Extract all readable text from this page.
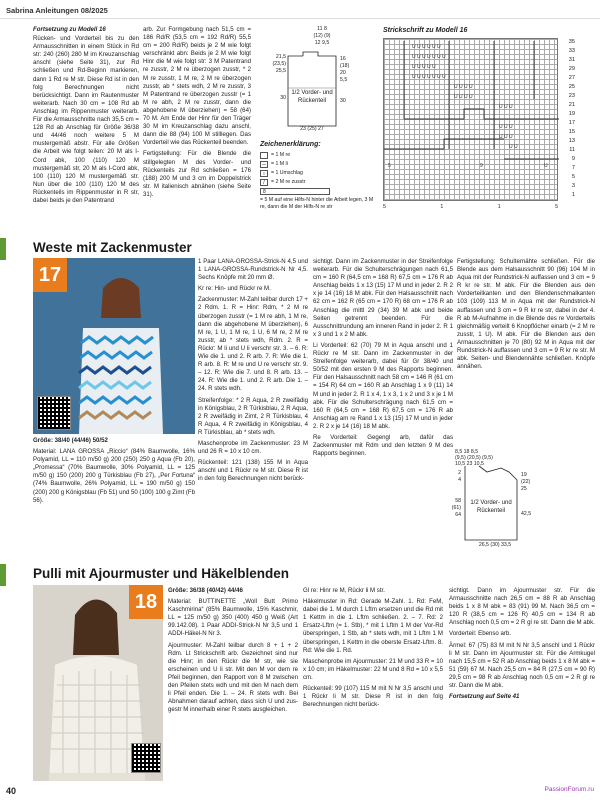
Sabrina Anleitungen 08/2025

Fortsetzung zu Modell 16

Rücken- und Vorderteil bis zu den Armausschnitten in einem Stück in Rd str: 240 (260) 280 M im Kreuzanschlag anschl (siehe Seite 31), zur Rd schließen und Rd-Beginn markieren, dann 1 Rd re M str. Diese Rd ist in den folg Berechnungen nicht berücksichtigt. Dann im Rautenmuster weiterarb. Nach 30 cm = 108 Rd ab Anschlag im Rippenmuster weiterarb. Für die Armausschnitte nach 35,5 cm = 128 Rd ab Anschlag für Größe 36/38 und 44/46 noch weitere 5 M mustergemäß abstr. Für alle Größen die Arbeit wie folgt teilen: 20 M als I-Cord abk, 100 (110) 120 M mustergemäß str, 20 M als I-Cord abk, 100 (110) 120 M mustergemäß str. Nun über die 100 (110) 120 M des Rückenteils im Rippenmuster in R str, dabei beids je den Patentrand

arb. Zur Formgebung nach 51,5 cm = 186 Rd/R (53,5 cm = 192 Rd/R) 55,5 cm = 200 Rd/R) beids je 2 M wie folgt verschränkt abn: Beids je 2 M wie folgt Hinr die M wie folgt str: 3 M Patentrand re zusstr, 2 M re überzogen zusstr, * 2 M re zusstr, 1 M re, 2 M re überzogen zusstr, ab * stets wdh, 2 M re zusstr, 3 M Patentrand re überzogen zusstr (= 1 M re abh, 2 M re zusstr, dann die abgehobene M überziehen) = 58 (64) 70 M. Am Ende der Hinr für den Träger 30 M im Kreuzanschlag dazu anschl, dann die 88 (94) 100 M stilllegen. Das Vorderteil wie das Rückenteil beenden.

Fertigstellung: Für die Blende die stillgelegten M des Vorder- und Rückenteils zur Rd schließen = 176 (188) 200 M und 3 cm im Doppelstrick str. M italienisch abnähen (siehe Seite 31).

11 8
(12) (9)
12 9,5
21,5
(23,5)
25,5
30
16
(18)
20
5,5
30
1/2 Vorder- und Rückenteil
23 (25) 27
Zeichenerklärung:
= 1 M re
–	= 1 M li
○	= 1 Umschlag
/	= 2 M re zusstr
8
= 5 M auf eine Hilfs-N hinter die Arbeit legen, 3 M re, dann die M der Hilfs-N re str
Strickschrift zu Modell 16
U U U U U U
U U U U U U U
U U U U U
U U U U U U U
U U U U
U U U U
U U U
U U U
U U U
U U
5	9	U
35
33
31
29
27
25
23
21
19
17
15
13
11
9
7
5
3
1
5	1	1	5
Weste mit Zackenmuster
17

Größe: 38/40 (44/46) 50/52

Material: LANA GROSSA „Riccio“ (84% Baumwolle, 16% Polyamid, LL = 110 m/50 g) 200 (250) 250 g Aqua (Fb 20), „Promessa“ (70% Baumwolle, 30% Polyamid, LL = 125 m/50 g) 150 (200) 200 g Türkisblau (Fb 27), „Per Fortuna“ (74% Baumwolle, 26% Polyamid, LL = 190 m/50 g) 150 (200) 200 g Königsblau (Fb 51) und 50 (100) 100 g Zimt (Fb 56).

1 Paar LANA-GROSSA-Strick-N 4,5 und 1 LANA-GROSSA-Rundstrick-N Nr 4,5. Sechs Knöpfe mit 20 mm Ø.

Kr re: Hin- und Rückr re M.

Zackenmuster: M-Zahl teilbar durch 17 + 2 Rdm. 1. R = Hinr: Rdm, * 2 M re überzogen zusstr (= 1 M re abh, 1 M re, dann die abgehobene M überziehen), 6 M re, 1 U, 1 M re, 1 U, 6 M re, 2 M re zusstr, ab * stets wdh, Rdm. 2. R = Rückr: M li und U li verschr str. 3. – 6. R: Wie die 1. und 2. R arb. 7. R: Wie die 1. R arb. 8. R: M re und U re verschr str. 9. – 12. R: Wie die 7. und 8. R arb. 13. – 24. R: Wie die 1. und 2. R arb. Die 1. – 24. R stets wdh.

Streifenfolge: * 2 R Aqua, 2 R zweifädig in Königsblau, 2 R Türkisblau, 2 R Aqua, 2 R zweifädig in Zimt, 2 R Türkisblau, 4 R Aqua, 4 R zweifädig in Königsblau, 4 R Türkisblau, ab * stets wdh.

Maschenprobe im Zackenmuster: 23 M und 26 R = 10 x 10 cm.

Rückenteil: 121 (138) 155 M in Aqua anschl und 1 Rückr re M str. Diese R ist in den folg Berechnungen nicht berück-

sichtigt. Dann im Zackenmuster in der Streifenfolge weiterarb. Für die Schulterschrägungen nach 61,5 cm = 160 R (64,5 cm = 168 R) 67,5 cm = 176 R ab Anschlag beids 1 x 13 (15) 17 M und in jeder 2. R 2 x je 14 (16) 18 M abk. Für den Halsausschnitt nach 62 cm = 162 R (65 cm = 170 R) 68 cm = 176 R ab Anschlag die mittl 29 (34) 39 M abk und beide Seiten getrennt beenden. Für die Ausschnittrundung am inneren Rand in jeder 2. R 1 x 3 und 1 x 2 M abk.

Li Vorderteil: 62 (70) 79 M in Aqua anschl und 1 Rückr re M str. Dann im Zackenmuster in der Streifenfolge weiterarb, dabei für Gr 38/40 und 50/52 mit den ersten 9 M des Rapports beginnen. Für den Halsausschnitt nach 58 cm = 146 R (61 cm = 154 R) 64 cm = 160 R ab Anschlag 1 x 9 (11) 14 M und in jeder 2. R 1 x 4, 1 x 3, 1 x 2 und 3 x je 1 M abk. Für die Schulterschrägung nach 61,5 cm = 160 R (64,5 cm = 168 R) 67,5 cm = 176 R ab Anschlag am re Rand 1 x 13 (15) 17 M und in jeder 2. R 2 x je 14 (16) 18 M abk.

Re Vorderteil: Gegengl arb, dafür das Zackenmuster mit Rdm und den letzten 9 M des Rapports beginnen.

Fertigstellung: Schulternähte schließen. Für die Blende aus dem Halsausschnitt 90 (96) 104 M in Aqua mit der Rundstrick-N auffassen und 3 cm = 9 R kr re str. M abk. Für die Blenden aus den Vorderteilkanten und den Blendenschmalkanten 103 (109) 113 M in Aqua mit der Rundstrick-N auffassen und 3 cm = 9 R kr re str, dabei in der 4. R ab M-Aufnahme in die Blende des re Vorderteils gleichmäßig verteilt 6 Knopflöcher einarb (= 2 M re zusstr, 1 U). M abk. Für die Blenden aus den Armausschnitten je 70 (80) 92 M in Aqua mit der Rundstrick-N auffassen und 3 cm = 9 R kr re str. M abk. Seiten- und Blendennähte schließen. Knöpfe annähen.

8,5 18 8,5
(9,5) (20,5) (9,5)
10,5 23 10,5
2
4
58
(61)
64
19
(22)
25
42,5
1/2 Vorder- und Rückenteil
26,5 (30) 33,5
Pulli mit Ajourmuster und Häkelblenden
18

Größe: 36/38 (40/42) 44/46

Material: BUTTINETTE „Woll Butt Primo Kaschmirina“ (85% Baumwolle, 15% Kaschmir, LL = 125 m/50 g) 350 (400) 450 g Weiß (Art 99.142.08). 1 Paar ADDI-Strick-N Nr 3,5 und 1 ADDI-Häkel-N Nr 3.

Ajourmuster: M-Zahl teilbar durch 8 + 1 + 2 Rdm. Lt Strickschrift arb. Gezeichnet sind nur die Hinr; in den Rückr die M str, wie sie erscheinen und U li str. Mit den M vor dem re Pfeil beginnen, den Rapport von 8 M zwischen den Pfeilen stets wdh und mit den M nach dem li Pfeil enden. Die 1. – 24. R stets wdh. Bei Abnahmen darauf achten, dass sich U und zus-gestr M innerhalb einer R stets ausgleichen.

Gl re: Hinr re M, Rückr li M str.

Häkelmuster in Rd: Gerade M-Zahl. 1. Rd: FeM, dabei die 1. M durch 1 Lftm ersetzen und die Rd mit 1 Kettm in die 1. Lftm schließen. 2. – 7. Rd: 2 Ersatz-Lftm (= 1. Stb), * mit 1 Lftm 1 M der Vor-Rd überspringen, 1 Stb, ab * stets wdh, mit 1 Lftm 1 M überspringen, 1 Kettm in die oberste Ersatz-Lftm. 8. Rd: Wie die 1. Rd.

Maschenprobe im Ajourmuster: 21 M und 33 R = 10 x 10 cm; im Häkelmuster: 22 M und 8 Rd = 10 x 5,5 cm.

Rückenteil: 99 (107) 115 M mit N Nr 3,5 anschl und 1 Rückr li M str. Diese R ist in den folg Berechnungen nicht berück-

sichtigt. Dann im Ajourmuster str. Für die Armausschnitte nach 26,5 cm = 88 R ab Anschlag beids 1 x 8 M abk = 83 (91) 99 M. Nach 36,5 cm = 120 R (38,5 cm = 126 R) 40,5 cm = 134 R ab Anschlag noch 0,5 cm = 2 R gl re str. Dann die M abk.

Vorderteil: Ebenso arb.

Ärmel: 67 (75) 83 M mit N Nr 3,5 anschl und 1 Rückr li M str. Dann im Ajourmuster str. Für die Armkugel nach 15,5 cm = 52 R ab Anschlag beids 1 x 8 M abk = 51 (59) 67 M. Nach 25,5 cm = 84 R (27,5 cm = 90 R) 29,5 cm = 98 R ab Anschlag noch 0,5 cm = 2 R gl re str. Dann die M abk.

Fortsetzung auf Seite 41

40	PassionForum.ru
